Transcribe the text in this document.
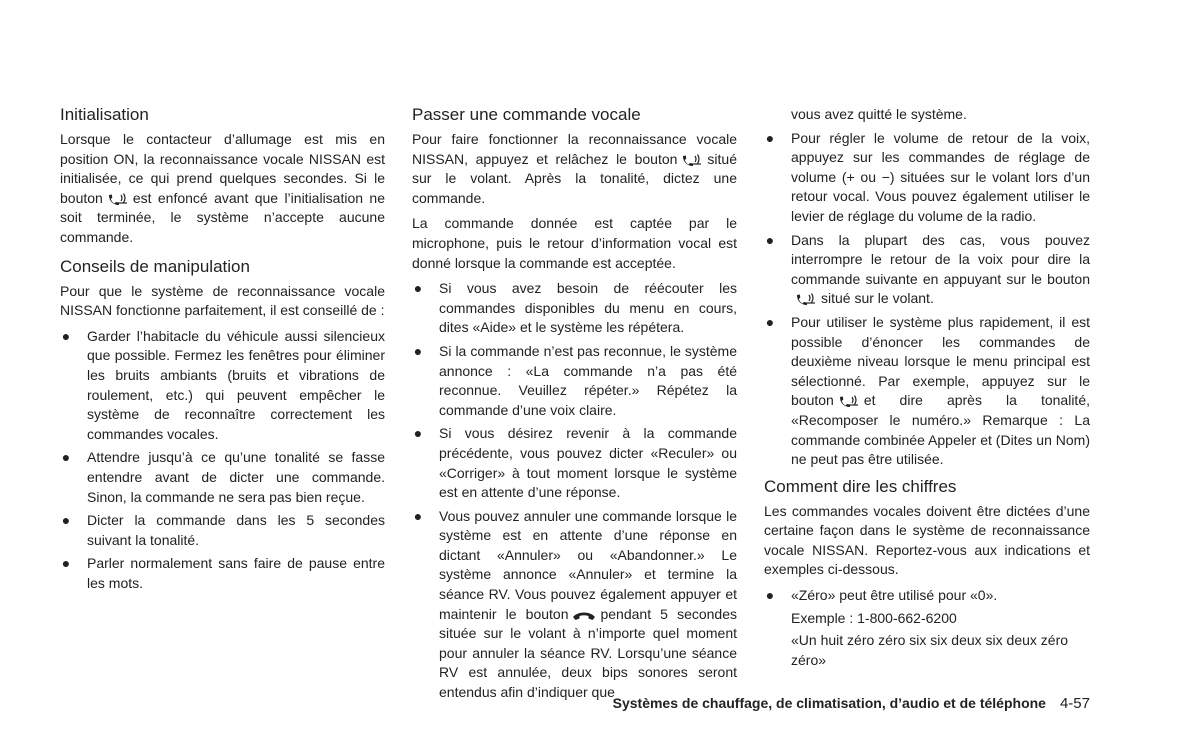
Initialisation

Lorsque le contacteur d’allumage est mis en position ON, la reconnaissance vocale NISSAN est initialisée, ce qui prend quelques secondes. Si le bouton est enfoncé avant que l’initialisation ne soit terminée, le système n’accepte aucune commande.

Conseils de manipulation

Pour que le système de reconnaissance vocale NISSAN fonctionne parfaitement, il est conseillé de :

● Garder l’habitacle du véhicule aussi silencieux que possible. Fermez les fenêtres pour éliminer les bruits ambiants (bruits et vibrations de roulement, etc.) qui peuvent empêcher le système de reconnaître correctement les commandes vocales.
● Attendre jusqu’à ce qu’une tonalité se fasse entendre avant de dicter une commande. Sinon, la commande ne sera pas bien reçue.
● Dicter la commande dans les 5 secondes suivant la tonalité.
● Parler normalement sans faire de pause entre les mots.
Passer une commande vocale

Pour faire fonctionner la reconnaissance vocale NISSAN, appuyez et relâchez le bouton situé sur le volant. Après la tonalité, dictez une commande.

La commande donnée est captée par le microphone, puis le retour d’information vocal est donné lorsque la commande est acceptée.

● Si vous avez besoin de réécouter les commandes disponibles du menu en cours, dites «Aide» et le système les répétera.
● Si la commande n’est pas reconnue, le système annonce : «La commande n’a pas été reconnue. Veuillez répéter.» Répétez la commande d’une voix claire.
● Si vous désirez revenir à la commande précédente, vous pouvez dicter «Reculer» ou «Corriger» à tout moment lorsque le système est en attente d’une réponse.
● Vous pouvez annuler une commande lorsque le système est en attente d’une réponse en dictant «Annuler» ou «Abandonner.» Le système annonce «Annuler» et termine la séance RV. Vous pouvez également appuyer et maintenir le bouton pendant 5 secondes située sur le volant à n’importe quel moment pour annuler la séance RV. Lorsqu’une séance RV est annulée, deux bips sonores seront entendus afin d’indiquer que

vous avez quitté le système.

● Pour régler le volume de retour de la voix, appuyez sur les commandes de réglage de volume (+ ou −) situées sur le volant lors d’un retour vocal. Vous pouvez également utiliser le levier de réglage du volume de la radio.
● Dans la plupart des cas, vous pouvez interrompre le retour de la voix pour dire la commande suivante en appuyant sur le bouton
situé sur le volant.
● Pour utiliser le système plus rapidement, il est possible d’énoncer les commandes de deuxième niveau lorsque le menu principal est sélectionné. Par exemple, appuyez sur le bouton et dire après la tonalité, «Recomposer le numéro.» Remarque : La commande combinée Appeler et (Dites un Nom) ne peut pas être utilisée.
Comment dire les chiffres

Les commandes vocales doivent être dictées d’une certaine façon dans le système de reconnaissance vocale NISSAN. Reportez-vous aux indications et exemples ci-dessous.

● «Zéro» peut être utilisé pour «0».
Exemple : 1-800-662-6200
«Un huit zéro zéro six six deux six deux zéro zéro»
Systèmes de chauffage, de climatisation, d’audio et de téléphone 4-57
